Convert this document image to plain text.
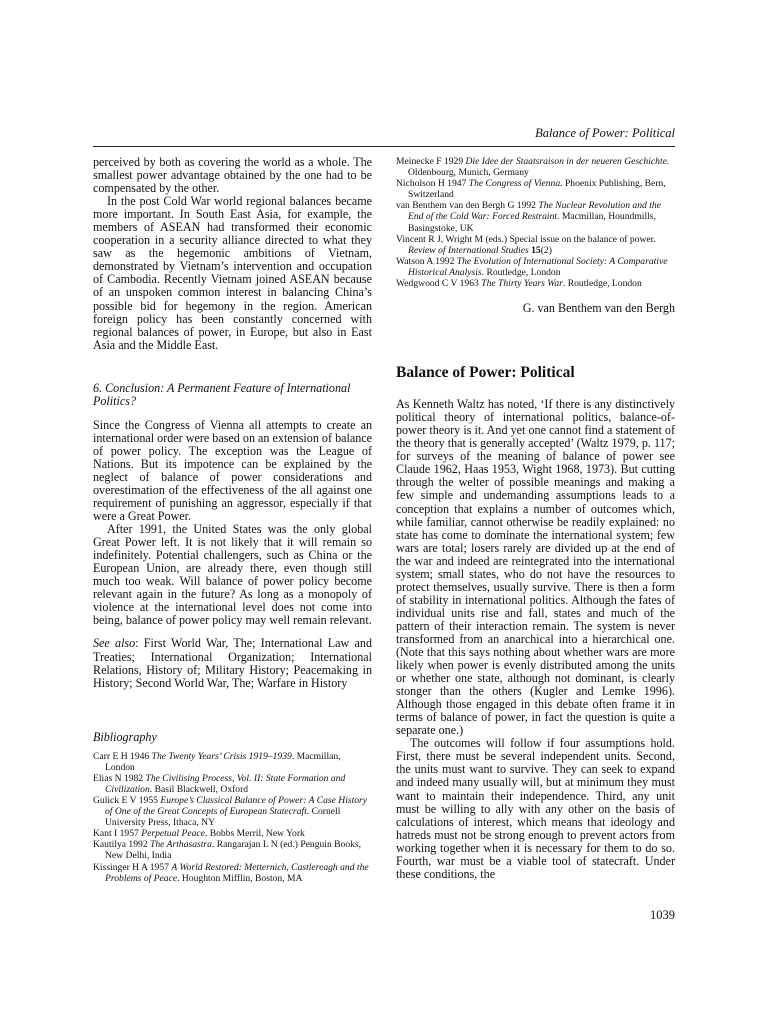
Balance of Power: Political

perceived by both as covering the world as a whole. The smallest power advantage obtained by the one had to be compensated by the other.

In the post Cold War world regional balances became more important. In South East Asia, for example, the members of ASEAN had transformed their economic cooperation in a security alliance directed to what they saw as the hegemonic ambitions of Vietnam, demonstrated by Vietnam’s intervention and occupation of Cambodia. Recently Vietnam joined ASEAN because of an unspoken common interest in balancing China’s possible bid for hegemony in the region. American foreign policy has been constantly concerned with regional balances of power, in Europe, but also in East Asia and the Middle East.

6. Conclusion: A Permanent Feature of International Politics?

Since the Congress of Vienna all attempts to create an international order were based on an extension of balance of power policy. The exception was the League of Nations. But its impotence can be explained by the neglect of balance of power considerations and overestimation of the effectiveness of the all against one requirement of punishing an aggressor, especially if that were a Great Power.

After 1991, the United States was the only global Great Power left. It is not likely that it will remain so indefinitely. Potential challengers, such as China or the European Union, are already there, even though still much too weak. Will balance of power policy become relevant again in the future? As long as a monopoly of violence at the international level does not come into being, balance of power policy may well remain relevant.

See also: First World War, The; International Law and Treaties; International Organization; International Relations, History of; Military History; Peacemaking in History; Second World War, The; Warfare in History

Bibliography

Carr E H 1946 The Twenty Years’ Crisis 1919–1939. Macmillan, London

Elias N 1982 The Civilising Process, Vol. II: State Formation and Civilization. Basil Blackwell, Oxford

Gulick E V 1955 Europe’s Classical Balance of Power: A Case History of One of the Great Concepts of European Statecraft. Cornell University Press, Ithaca, NY

Kant I 1957 Perpetual Peace. Bobbs Merril, New York

Kautilya 1992 The Arthasastra. Rangarajan L N (ed.) Penguin Books, New Delhi, India

Kissinger H A 1957 A World Restored: Metternich, Castlereagh and the Problems of Peace. Houghton Mifflin, Boston, MA

Meinecke F 1929 Die Idee der Staatsraison in der neueren Geschichte. Oldenbourg, Munich, Germany

Nicholson H 1947 The Congress of Vienna. Phoenix Publishing, Bern, Switzerland

van Benthem van den Bergh G 1992 The Nuclear Revolution and the End of the Cold War: Forced Restraint. Macmillan, Houndmills, Basingstoke, UK

Vincent R J, Wright M (eds.) Special issue on the balance of power. Review of International Studies 15(2)

Watson A 1992 The Evolution of International Society: A Comparative Historical Analysis. Routledge, London

Wedgwood C V 1963 The Thirty Years War. Routledge, London

G. van Benthem van den Bergh

Balance of Power: Political

As Kenneth Waltz has noted, ‘If there is any distinctively political theory of international politics, balance-of-power theory is it. And yet one cannot find a statement of the theory that is generally accepted’ (Waltz 1979, p. 117; for surveys of the meaning of balance of power see Claude 1962, Haas 1953, Wight 1968, 1973). But cutting through the welter of possible meanings and making a few simple and undemanding assumptions leads to a conception that explains a number of outcomes which, while familiar, cannot otherwise be readily explained: no state has come to dominate the international system; few wars are total; losers rarely are divided up at the end of the war and indeed are reintegrated into the international system; small states, who do not have the resources to protect themselves, usually survive. There is then a form of stability in international politics. Although the fates of individual units rise and fall, states and much of the pattern of their interaction remain. The system is never transformed from an anarchical into a hierarchical one. (Note that this says nothing about whether wars are more likely when power is evenly distributed among the units or whether one state, although not dominant, is clearly stonger than the others (Kugler and Lemke 1996). Although those engaged in this debate often frame it in terms of balance of power, in fact the question is quite a separate one.)

The outcomes will follow if four assumptions hold. First, there must be several independent units. Second, the units must want to survive. They can seek to expand and indeed many usually will, but at minimum they must want to maintain their independence. Third, any unit must be willing to ally with any other on the basis of calculations of interest, which means that ideology and hatreds must not be strong enough to prevent actors from working together when it is necessary for them to do so. Fourth, war must be a viable tool of statecraft. Under these conditions, the

1039
